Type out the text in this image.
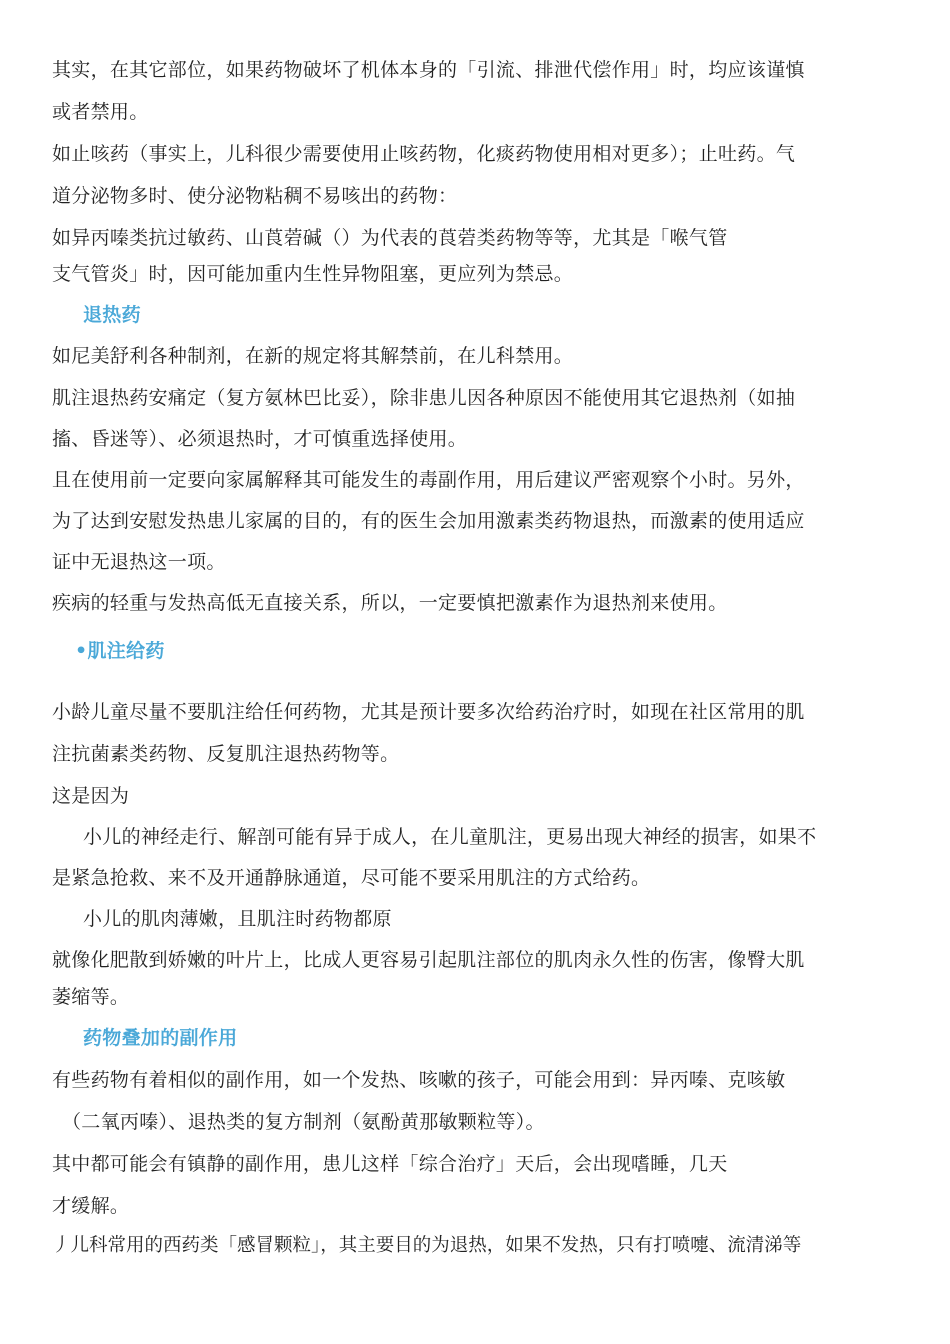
其实，在其它部位，如果药物破坏了机体本身的「引流、排泄代偿作用」时，均应该谨慎
或者禁用。
如止咳药（事实上，儿科很少需要使用止咳药物，化痰药物使用相对更多）；止吐药。气
道分泌物多时、使分泌物粘稠不易咳出的药物：
如异丙嗪类抗过敏药、山莨菪碱（）为代表的莨菪类药物等等，尤其是「喉气管
支气管炎」时，因可能加重内生性异物阻塞，更应列为禁忌。
退热药
如尼美舒利各种制剂，在新的规定将其解禁前，在儿科禁用。
肌注退热药安痛定（复方氨林巴比妥），除非患儿因各种原因不能使用其它退热剂（如抽
搐、昏迷等）、必须退热时，才可慎重选择使用。
且在使用前一定要向家属解释其可能发生的毒副作用，用后建议严密观察个小时。另外，
为了达到安慰发热患儿家属的目的，有的医生会加用激素类药物退热，而激素的使用适应
证中无退热这一项。
疾病的轻重与发热高低无直接关系，所以，一定要慎把激素作为退热剂来使用。
•肌注给药
小龄儿童尽量不要肌注给任何药物，尤其是预计要多次给药治疗时，如现在社区常用的肌
注抗菌素类药物、反复肌注退热药物等。
这是因为
小儿的神经走行、解剖可能有异于成人，在儿童肌注，更易出现大神经的损害，如果不
是紧急抢救、来不及开通静脉通道，尽可能不要采用肌注的方式给药。
小儿的肌肉薄嫩，且肌注时药物都原
就像化肥散到娇嫩的叶片上，比成人更容易引起肌注部位的肌肉永久性的伤害，像臀大肌
萎缩等。
药物叠加的副作用
有些药物有着相似的副作用，如一个发热、咳嗽的孩子，可能会用到：异丙嗪、克咳敏
（二氧丙嗪）、退热类的复方制剂（氨酚黄那敏颗粒等）。
其中都可能会有镇静的副作用，患儿这样「综合治疗」天后，会出现嗜睡，几天
才缓解。
丿儿科常用的西药类「感冒颗粒」，其主要目的为退热，如果不发热，只有打喷嚏、流清涕等
